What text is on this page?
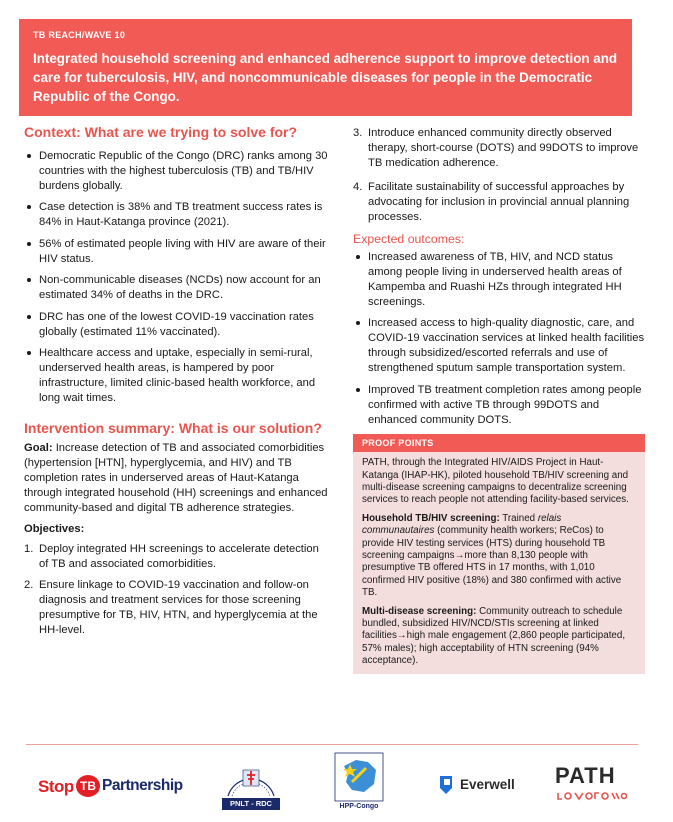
TB REACH/WAVE 10
Integrated household screening and enhanced adherence support to improve detection and care for tuberculosis, HIV, and noncommunicable diseases for people in the Democratic Republic of the Congo.
Context: What are we trying to solve for?
Democratic Republic of the Congo (DRC) ranks among 30 countries with the highest tuberculosis (TB) and TB/HIV burdens globally.
Case detection is 38% and TB treatment success rates is 84% in Haut-Katanga province (2021).
56% of estimated people living with HIV are aware of their HIV status.
Non-communicable diseases (NCDs) now account for an estimated 34% of deaths in the DRC.
DRC has one of the lowest COVID-19 vaccination rates globally (estimated 11% vaccinated).
Healthcare access and uptake, especially in semi-rural, underserved health areas, is hampered by poor infrastructure, limited clinic-based health workforce, and long wait times.
Intervention summary: What is our solution?

Goal: Increase detection of TB and associated comorbidities (hypertension [HTN], hyperglycemia, and HIV) and TB completion rates in underserved areas of Haut-Katanga through integrated household (HH) screenings and enhanced community-based and digital TB adherence strategies.

Objectives:

1. Deploy integrated HH screenings to accelerate detection of TB and associated comorbidities.
2. Ensure linkage to COVID-19 vaccination and follow-on diagnosis and treatment services for those screening presumptive for TB, HIV, HTN, and hyperglycemia at the HH-level.
3. Introduce enhanced community directly observed therapy, short-course (DOTS) and 99DOTS to improve TB medication adherence.
4. Facilitate sustainability of successful approaches by advocating for inclusion in provincial annual planning processes.
Expected outcomes:
Increased awareness of TB, HIV, and NCD status among people living in underserved health areas of Kampemba and Ruashi HZs through integrated HH screenings.
Increased access to high-quality diagnostic, care, and COVID-19 vaccination services at linked health facilities through subsidized/escorted referrals and use of strengthened sputum sample transportation system.
Improved TB treatment completion rates among people confirmed with active TB through 99DOTS and enhanced community DOTS.
PROOF POINTS

PATH, through the Integrated HIV/AIDS Project in Haut-Katanga (IHAP-HK), piloted household TB/HIV screening and multi-disease screening campaigns to decentralize screening services to reach people not attending facility-based services.

Household TB/HIV screening: Trained relais communautaires (community health workers; ReCos) to provide HIV testing services (HTS) during household TB screening campaigns→more than 8,130 people with presumptive TB offered HTS in 17 months, with 1,010 confirmed HIV positive (18%) and 380 confirmed with active TB.

Multi-disease screening: Community outreach to schedule bundled, subsidized HIV/NCD/STIs screening at linked facilities→high male engagement (2,860 people participated, 57% males); high acceptability of HTN screening (94% acceptance).

Stop TB Partnership
PNLT - RDC	HPP-Congo
Everwell PATH
